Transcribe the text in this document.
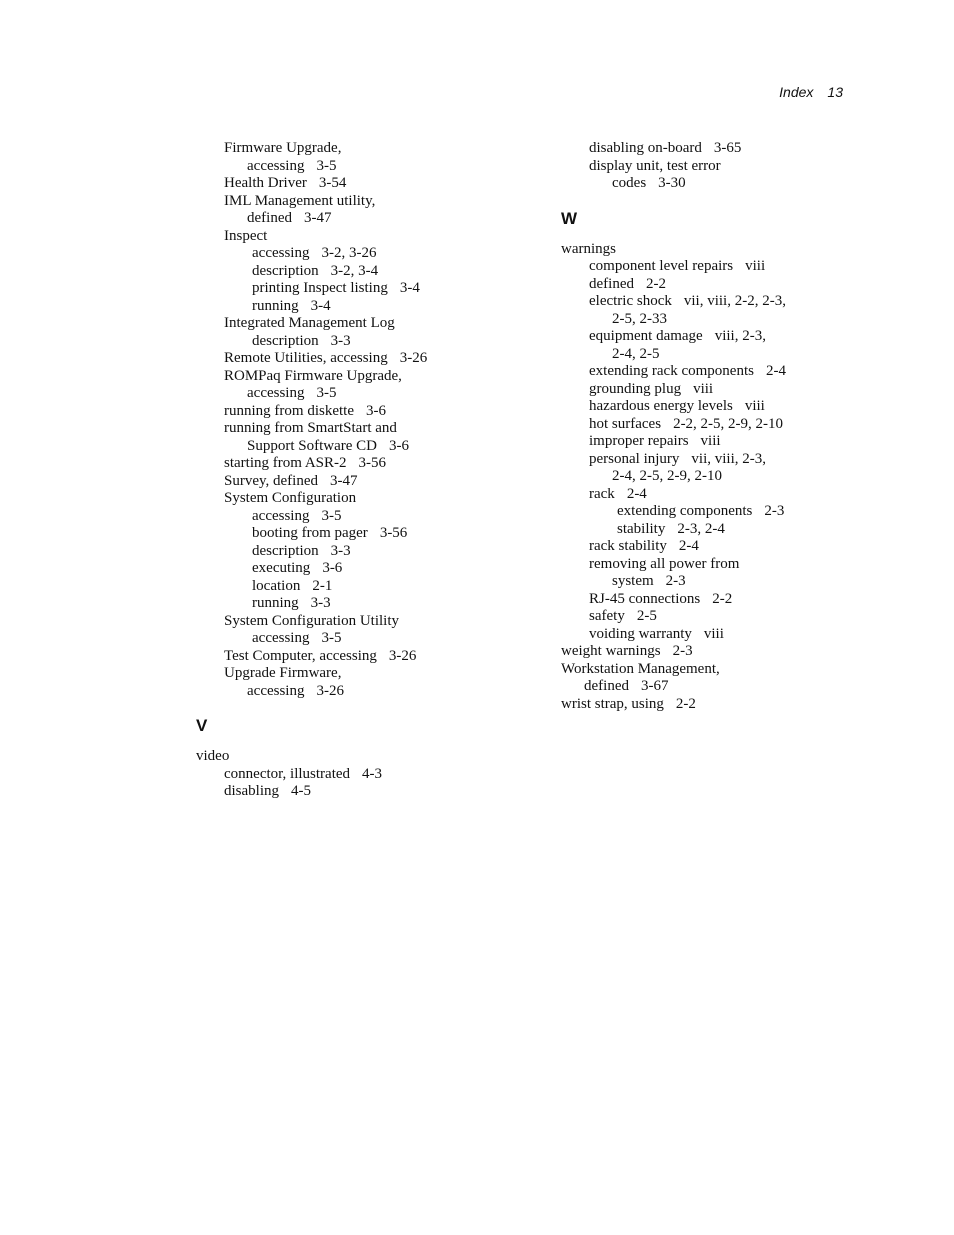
Index 13
Firmware Upgrade,
accessing 3-5
Health Driver 3-54
IML Management utility,
defined 3-47
Inspect
accessing 3-2, 3-26
description 3-2, 3-4
printing Inspect listing 3-4
running 3-4
Integrated Management Log
description 3-3
Remote Utilities, accessing 3-26
ROMPaq Firmware Upgrade,
accessing 3-5
running from diskette 3-6
running from SmartStart and
Support Software CD 3-6
starting from ASR-2 3-56
Survey, defined 3-47
System Configuration
accessing 3-5
booting from pager 3-56
description 3-3
executing 3-6
location 2-1
running 3-3
System Configuration Utility
accessing 3-5
Test Computer, accessing 3-26
Upgrade Firmware,
accessing 3-26
V
video
connector, illustrated 4-3
disabling 4-5
disabling on-board 3-65
display unit, test error
codes 3-30
W
warnings
component level repairs viii
defined 2-2
electric shock vii, viii, 2-2, 2-3,
2-5, 2-33
equipment damage viii, 2-3,
2-4, 2-5
extending rack components 2-4
grounding plug viii
hazardous energy levels viii
hot surfaces 2-2, 2-5, 2-9, 2-10
improper repairs viii
personal injury vii, viii, 2-3,
2-4, 2-5, 2-9, 2-10
rack 2-4
extending components 2-3
stability 2-3, 2-4
rack stability 2-4
removing all power from
system 2-3
RJ-45 connections 2-2
safety 2-5
voiding warranty viii
weight warnings 2-3
Workstation Management,
defined 3-67
wrist strap, using 2-2
